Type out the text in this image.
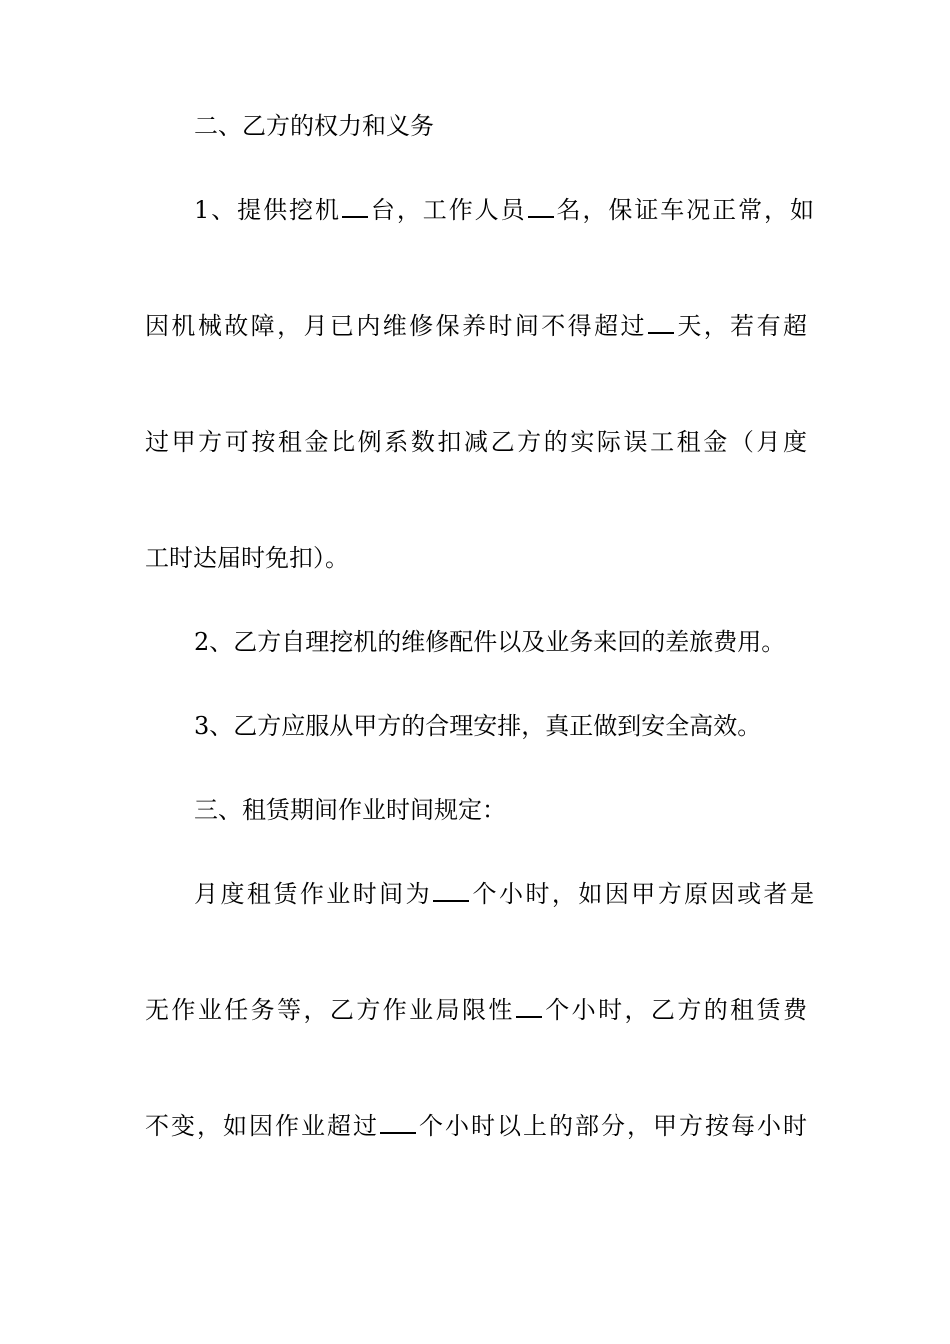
二、乙方的权力和义务
1、提供挖机 台，工作人员 名，保证车况正常，如
因机械故障，月已内维修保养时间不得超过 天，若有超
过甲方可按租金比例系数扣减乙方的实际误工租金（月度
工时达届时免扣）。
2、乙方自理挖机的维修配件以及业务来回的差旅费用。
3、乙方应服从甲方的合理安排，真正做到安全高效。
三、租赁期间作业时间规定：
月度租赁作业时间为 个小时，如因甲方原因或者是
无作业任务等，乙方作业局限性 个小时，乙方的租赁费
不变，如因作业超过 个小时以上的部分，甲方按每小时
